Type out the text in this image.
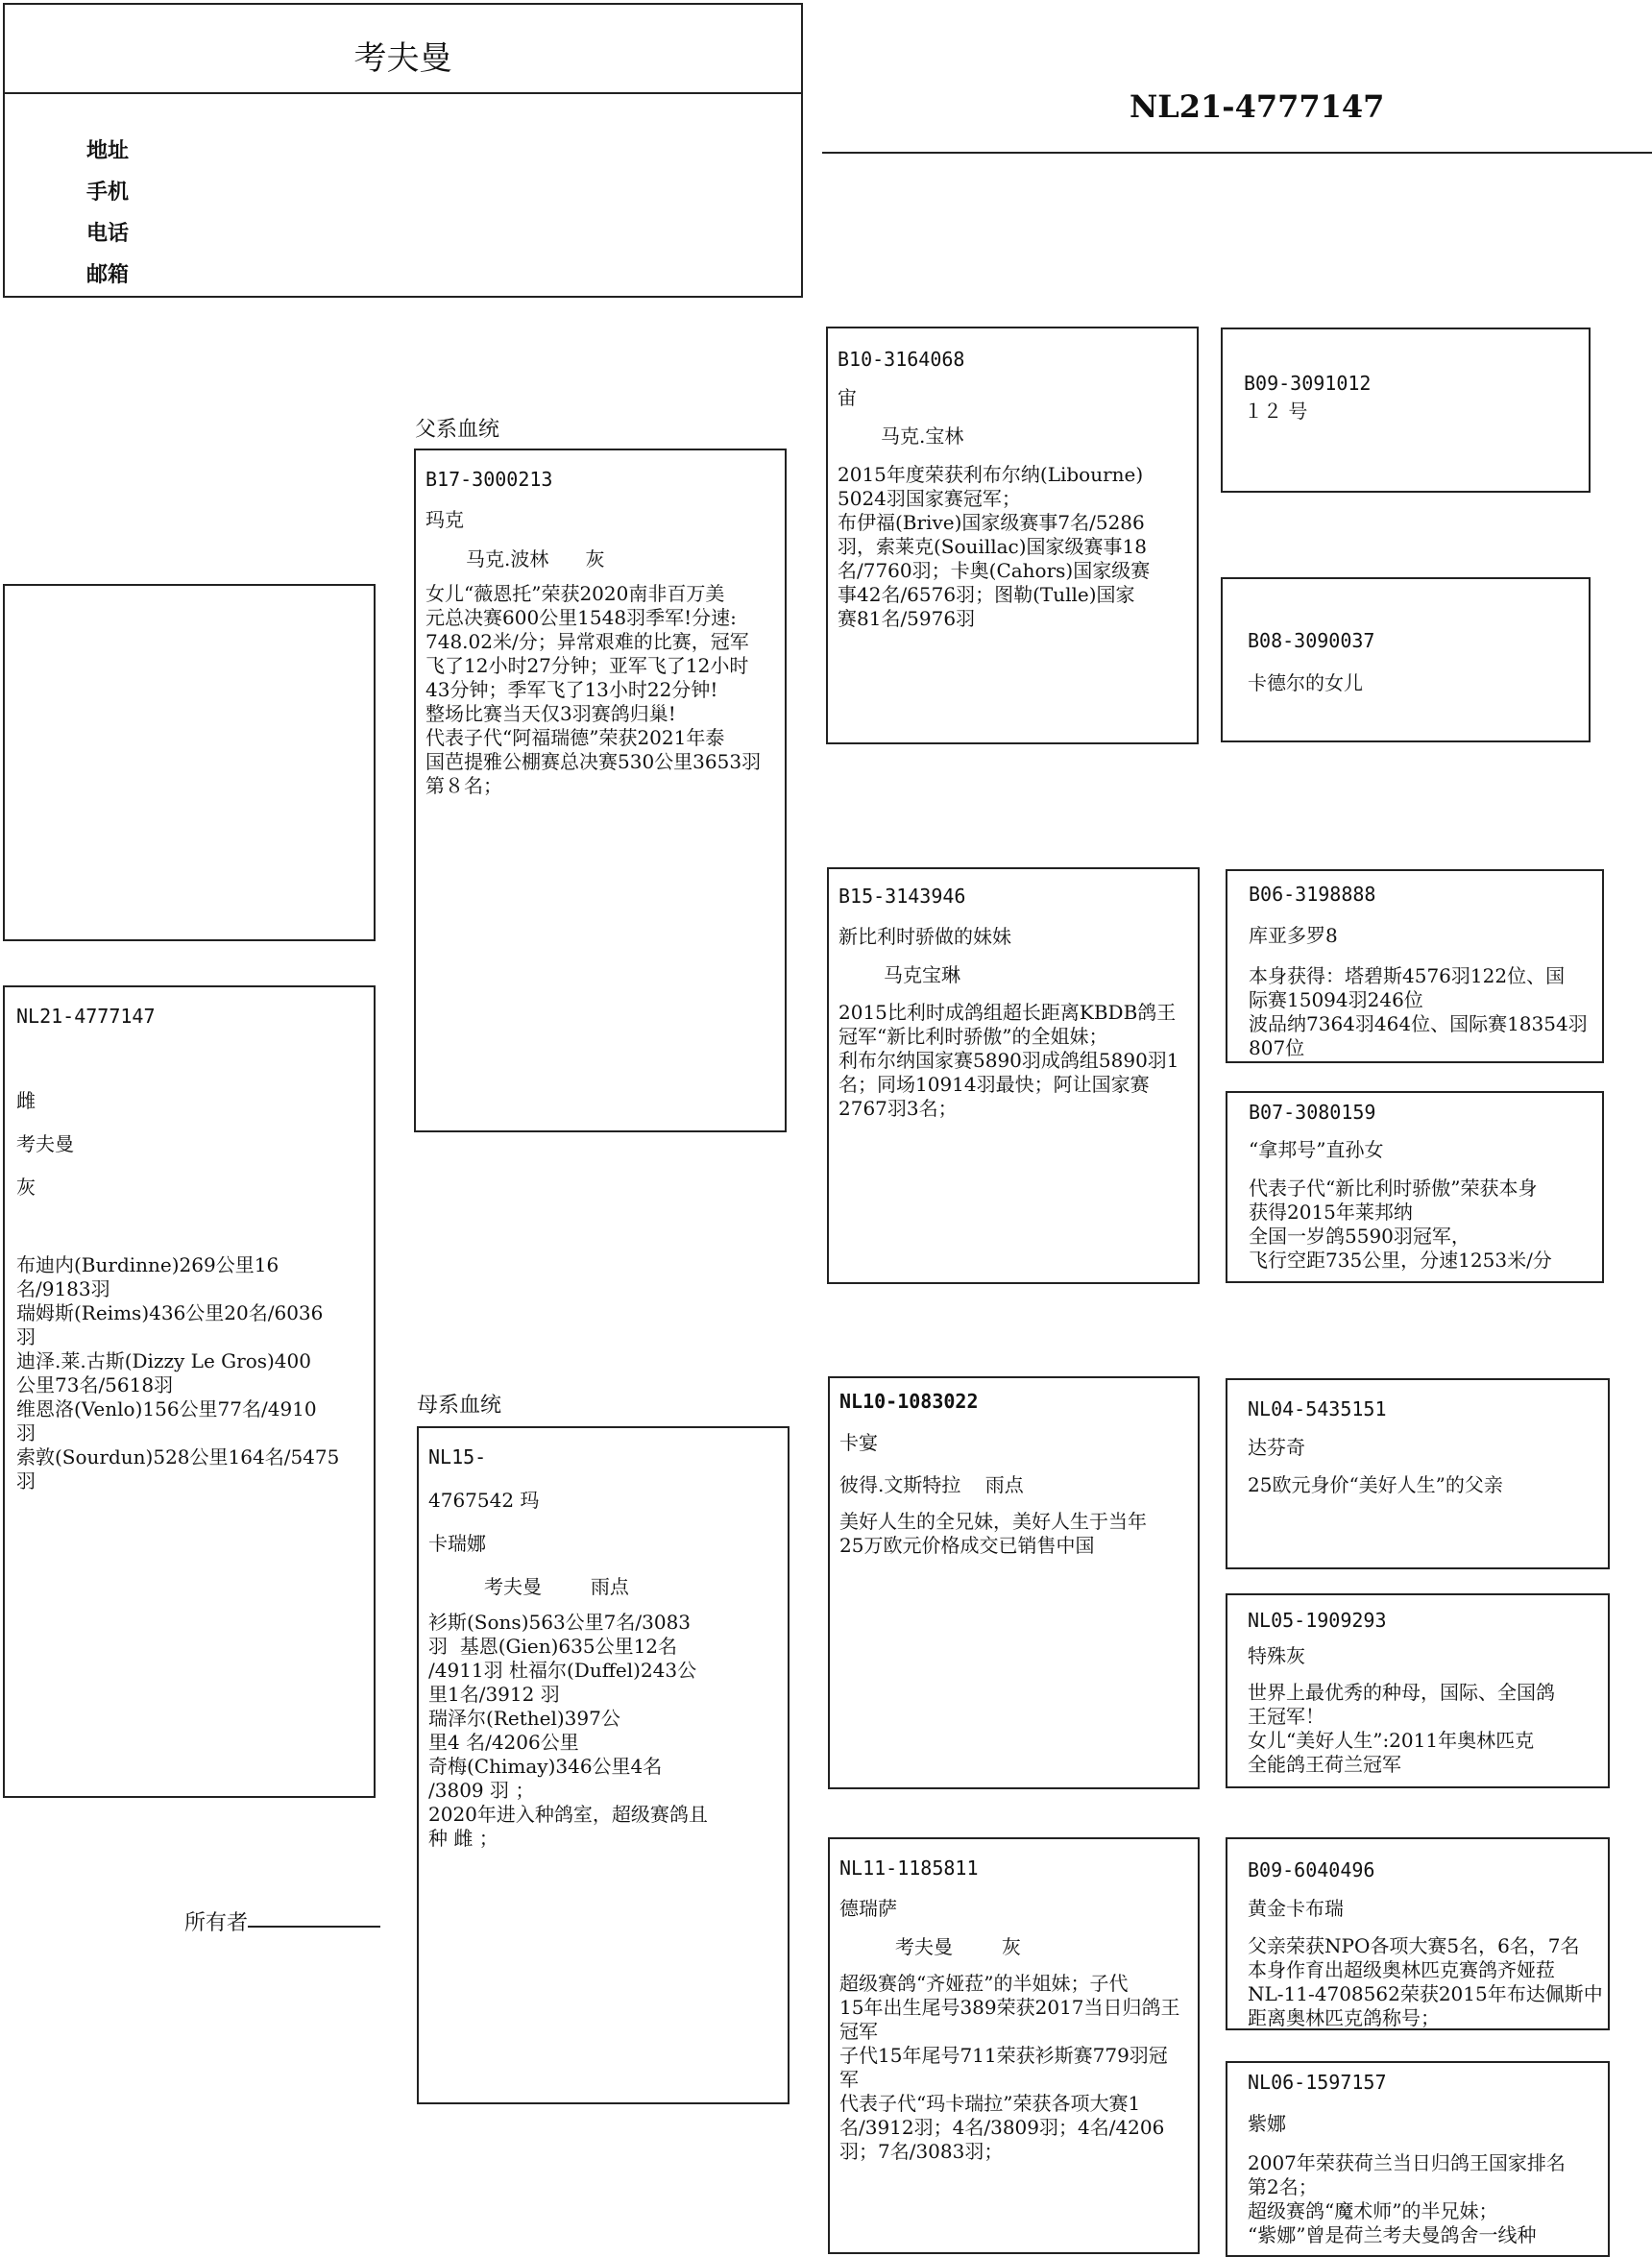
考夫曼
地址
手机
电话
邮箱
NL21-4777147
NL21-4777147
雌
考夫曼
灰
布迪内(Burdinne)269公里16
名/9183羽
瑞姆斯(Reims)436公里20名/6036
羽
迪泽.莱.古斯(Dizzy Le Gros)400
公里73名/5618羽
维恩洛(Venlo)156公里77名/4910
羽
索敦(Sourdun)528公里164名/5475
羽
所有者
父系血统
B17-3000213
玛克
马克.波林      灰
女儿“薇恩托”荣获2020南非百万美
元总决赛600公里1548羽季军!分速:
748.02米/分；异常艰难的比赛，冠军
飞了12小时27分钟；亚军飞了12小时
43分钟；季军飞了13小时22分钟!
整场比赛当天仅3羽赛鸽归巢!
代表子代“阿福瑞德”荣获2021年泰
国芭提雅公棚赛总决赛530公里3653羽
第８名；
母系血统
NL15-
4767542 玛
卡瑞娜
考夫曼        雨点
衫斯(Sons)563公里7名/3083
羽  基恩(Gien)635公里12名
/4911羽 杜福尔(Duffel)243公
里1名/3912 羽
瑞泽尔(Rethel)397公
里4 名/4206公里
奇梅(Chimay)346公里4名
/3809 羽 ；
2020年进入种鸽室，超级赛鸽且
种 雌 ；
B10-3164068
宙
马克.宝林
2015年度荣获利布尔纳(Libourne)
5024羽国家赛冠军；
布伊福(Brive)国家级赛事7名/5286
羽，索莱克(Souillac)国家级赛事18
名/7760羽；卡奥(Cahors)国家级赛
事42名/6576羽；图勒(Tulle)国家
赛81名/5976羽
B09-3091012
１２ 号
B08-3090037
卡德尔的女儿
B15-3143946
新比利时骄做的妹妹
马克宝琳
2015比利时成鸽组超长距离KBDB鸽王
冠军“新比利时骄傲”的全姐妹；
利布尔纳国家赛5890羽成鸽组5890羽1
名；同场10914羽最快；阿让国家赛
2767羽3名；
B06-3198888
库亚多罗8
本身获得：塔碧斯4576羽122位、国
际赛15094羽246位
波品纳7364羽464位、国际赛18354羽
807位
B07-3080159
“拿邦号”直孙女
代表子代“新比利时骄傲”荣获本身
获得2015年莱邦纳
全国一岁鸽5590羽冠军，
飞行空距735公里，分速1253米/分
NL10-1083022
卡宴
彼得.文斯特拉    雨点
美好人生的全兄妹，美好人生于当年
25万欧元价格成交已销售中国
NL04-5435151
达芬奇
25欧元身价“美好人生”的父亲
NL05-1909293
特殊灰
世界上最优秀的种母，国际、全国鸽
王冠军！
女儿“美好人生”:2011年奥林匹克
全能鸽王荷兰冠军
NL11-1185811
德瑞萨
考夫曼        灰
超级赛鸽“齐娅菈”的半姐妹；子代
15年出生尾号389荣获2017当日归鸽王
冠军
子代15年尾号711荣获衫斯赛779羽冠
军
代表子代“玛卡瑞拉”荣获各项大赛1
名/3912羽；4名/3809羽；4名/4206
羽；7名/3083羽；
B09-6040496
黄金卡布瑞
父亲荣获NPO各项大赛5名，6名，7名
本身作育出超级奥林匹克赛鸽齐娅菈
NL-11-4708562荣获2015年布达佩斯中
距离奥林匹克鸽称号；
NL06-1597157
紫娜
2007年荣获荷兰当日归鸽王国家排名
第2名；
超级赛鸽“魔术师”的半兄妹；
“紫娜”曾是荷兰考夫曼鸽舍一线种
